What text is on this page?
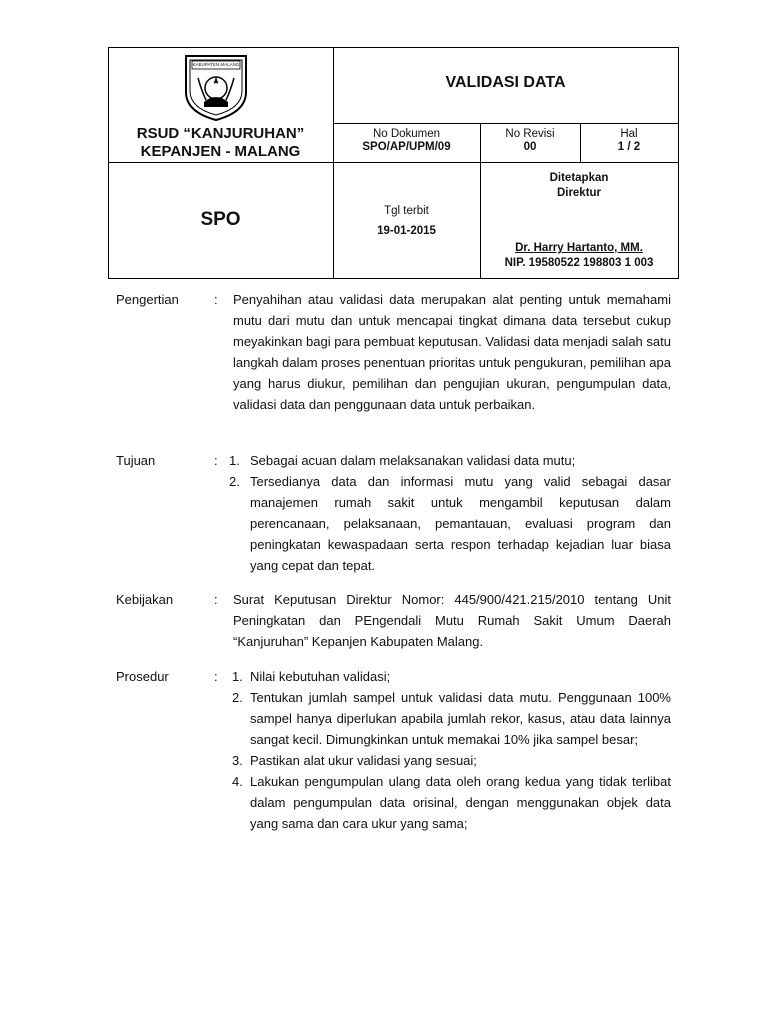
KABUPATEN MALANG
RSUD “KANJURUHAN”
KEPANJEN - MALANG
VALIDASI DATA
No Dokumen
SPO/AP/UPM/09
No Revisi
00
Hal
1 / 2
SPO	Tgl terbit
19-01-2015
Ditetapkan
Direktur
Dr. Harry Hartanto, MM.
NIP. 19580522 198803 1 003
Pengertian	: Penyahihan atau validasi data merupakan alat penting untuk memahami mutu dari mutu dan untuk mencapai tingkat dimana data tersebut cukup meyakinkan bagi para pembuat keputusan. Validasi data menjadi salah satu langkah dalam proses penentuan prioritas untuk pengukuran, pemilihan apa yang harus diukur, pemilihan dan pengujian ukuran, pengumpulan data, validasi data dan penggunaan data untuk perbaikan.
Tujuan	: 1. Sebagai acuan dalam melaksanakan validasi data mutu;
2. Tersedianya data dan informasi mutu yang valid sebagai dasar manajemen rumah sakit untuk mengambil keputusan dalam perencanaan, pelaksanaan, pemantauan, evaluasi program dan peningkatan kewaspadaan serta respon terhadap kejadian luar biasa yang cepat dan tepat.
Kebijakan	: Surat Keputusan Direktur Nomor: 445/900/421.215/2010 tentang Unit Peningkatan dan PEngendali Mutu Rumah Sakit Umum Daerah “Kanjuruhan” Kepanjen Kabupaten Malang.
Prosedur	: 1. Nilai kebutuhan validasi;
2. Tentukan jumlah sampel untuk validasi data mutu. Penggunaan 100% sampel hanya diperlukan apabila jumlah rekor, kasus, atau data lainnya sangat kecil. Dimungkinkan untuk memakai 10% jika sampel besar;
3. Pastikan alat ukur validasi yang sesuai;
4. Lakukan pengumpulan ulang data oleh orang kedua yang tidak terlibat dalam pengumpulan data orisinal, dengan menggunakan objek data yang sama dan cara ukur yang sama;
